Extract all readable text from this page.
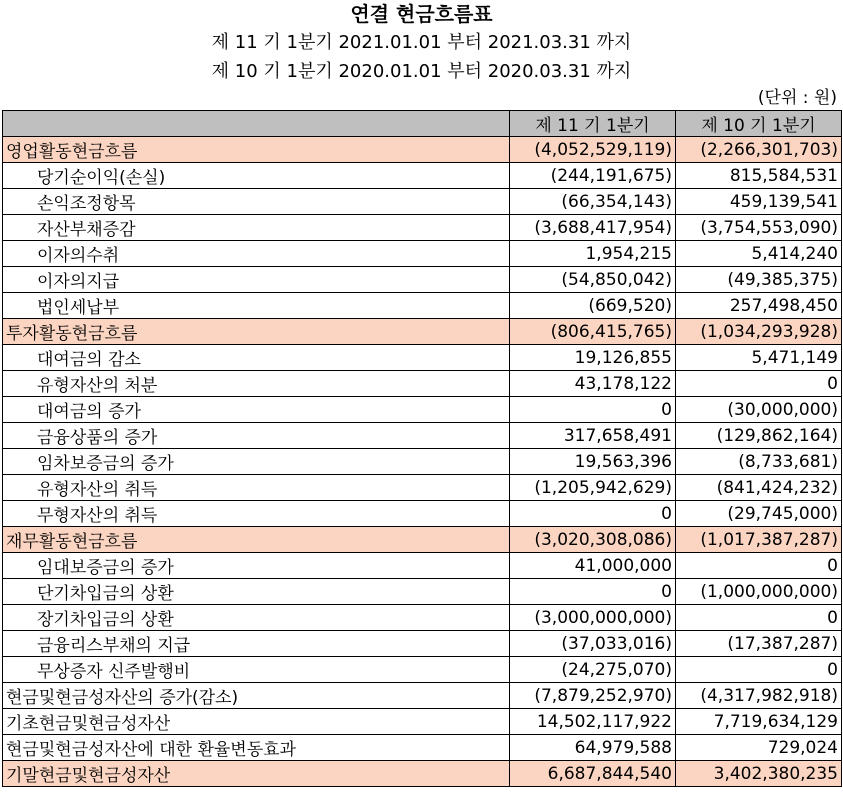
연결 현금흐름표
제 11 기 1분기 2021.01.01 부터 2021.03.31 까지
제 10 기 1분기 2020.01.01 부터 2020.03.31 까지
(단위 : 원)
	제 11 기 1분기	제 10 기 1분기
영업활동현금흐름	(4,052,529,119)	(2,266,301,703)
당기순이익(손실)	(244,191,675)	815,584,531
손익조정항목	(66,354,143)	459,139,541
자산부채증감	(3,688,417,954)	(3,754,553,090)
이자의수취	1,954,215	5,414,240
이자의지급	(54,850,042)	(49,385,375)
법인세납부	(669,520)	257,498,450
투자활동현금흐름	(806,415,765)	(1,034,293,928)
대여금의 감소	19,126,855	5,471,149
유형자산의 처분	43,178,122	0
대여금의 증가	0	(30,000,000)
금융상품의 증가	317,658,491	(129,862,164)
임차보증금의 증가	19,563,396	(8,733,681)
유형자산의 취득	(1,205,942,629)	(841,424,232)
무형자산의 취득	0	(29,745,000)
재무활동현금흐름	(3,020,308,086)	(1,017,387,287)
임대보증금의 증가	41,000,000	0
단기차입금의 상환	0	(1,000,000,000)
장기차입금의 상환	(3,000,000,000)	0
금융리스부채의 지급	(37,033,016)	(17,387,287)
무상증자 신주발행비	(24,275,070)	0
현금및현금성자산의 증가(감소)	(7,879,252,970)	(4,317,982,918)
기초현금및현금성자산	14,502,117,922	7,719,634,129
현금및현금성자산에 대한 환율변동효과	64,979,588	729,024
기말현금및현금성자산	6,687,844,540	3,402,380,235
